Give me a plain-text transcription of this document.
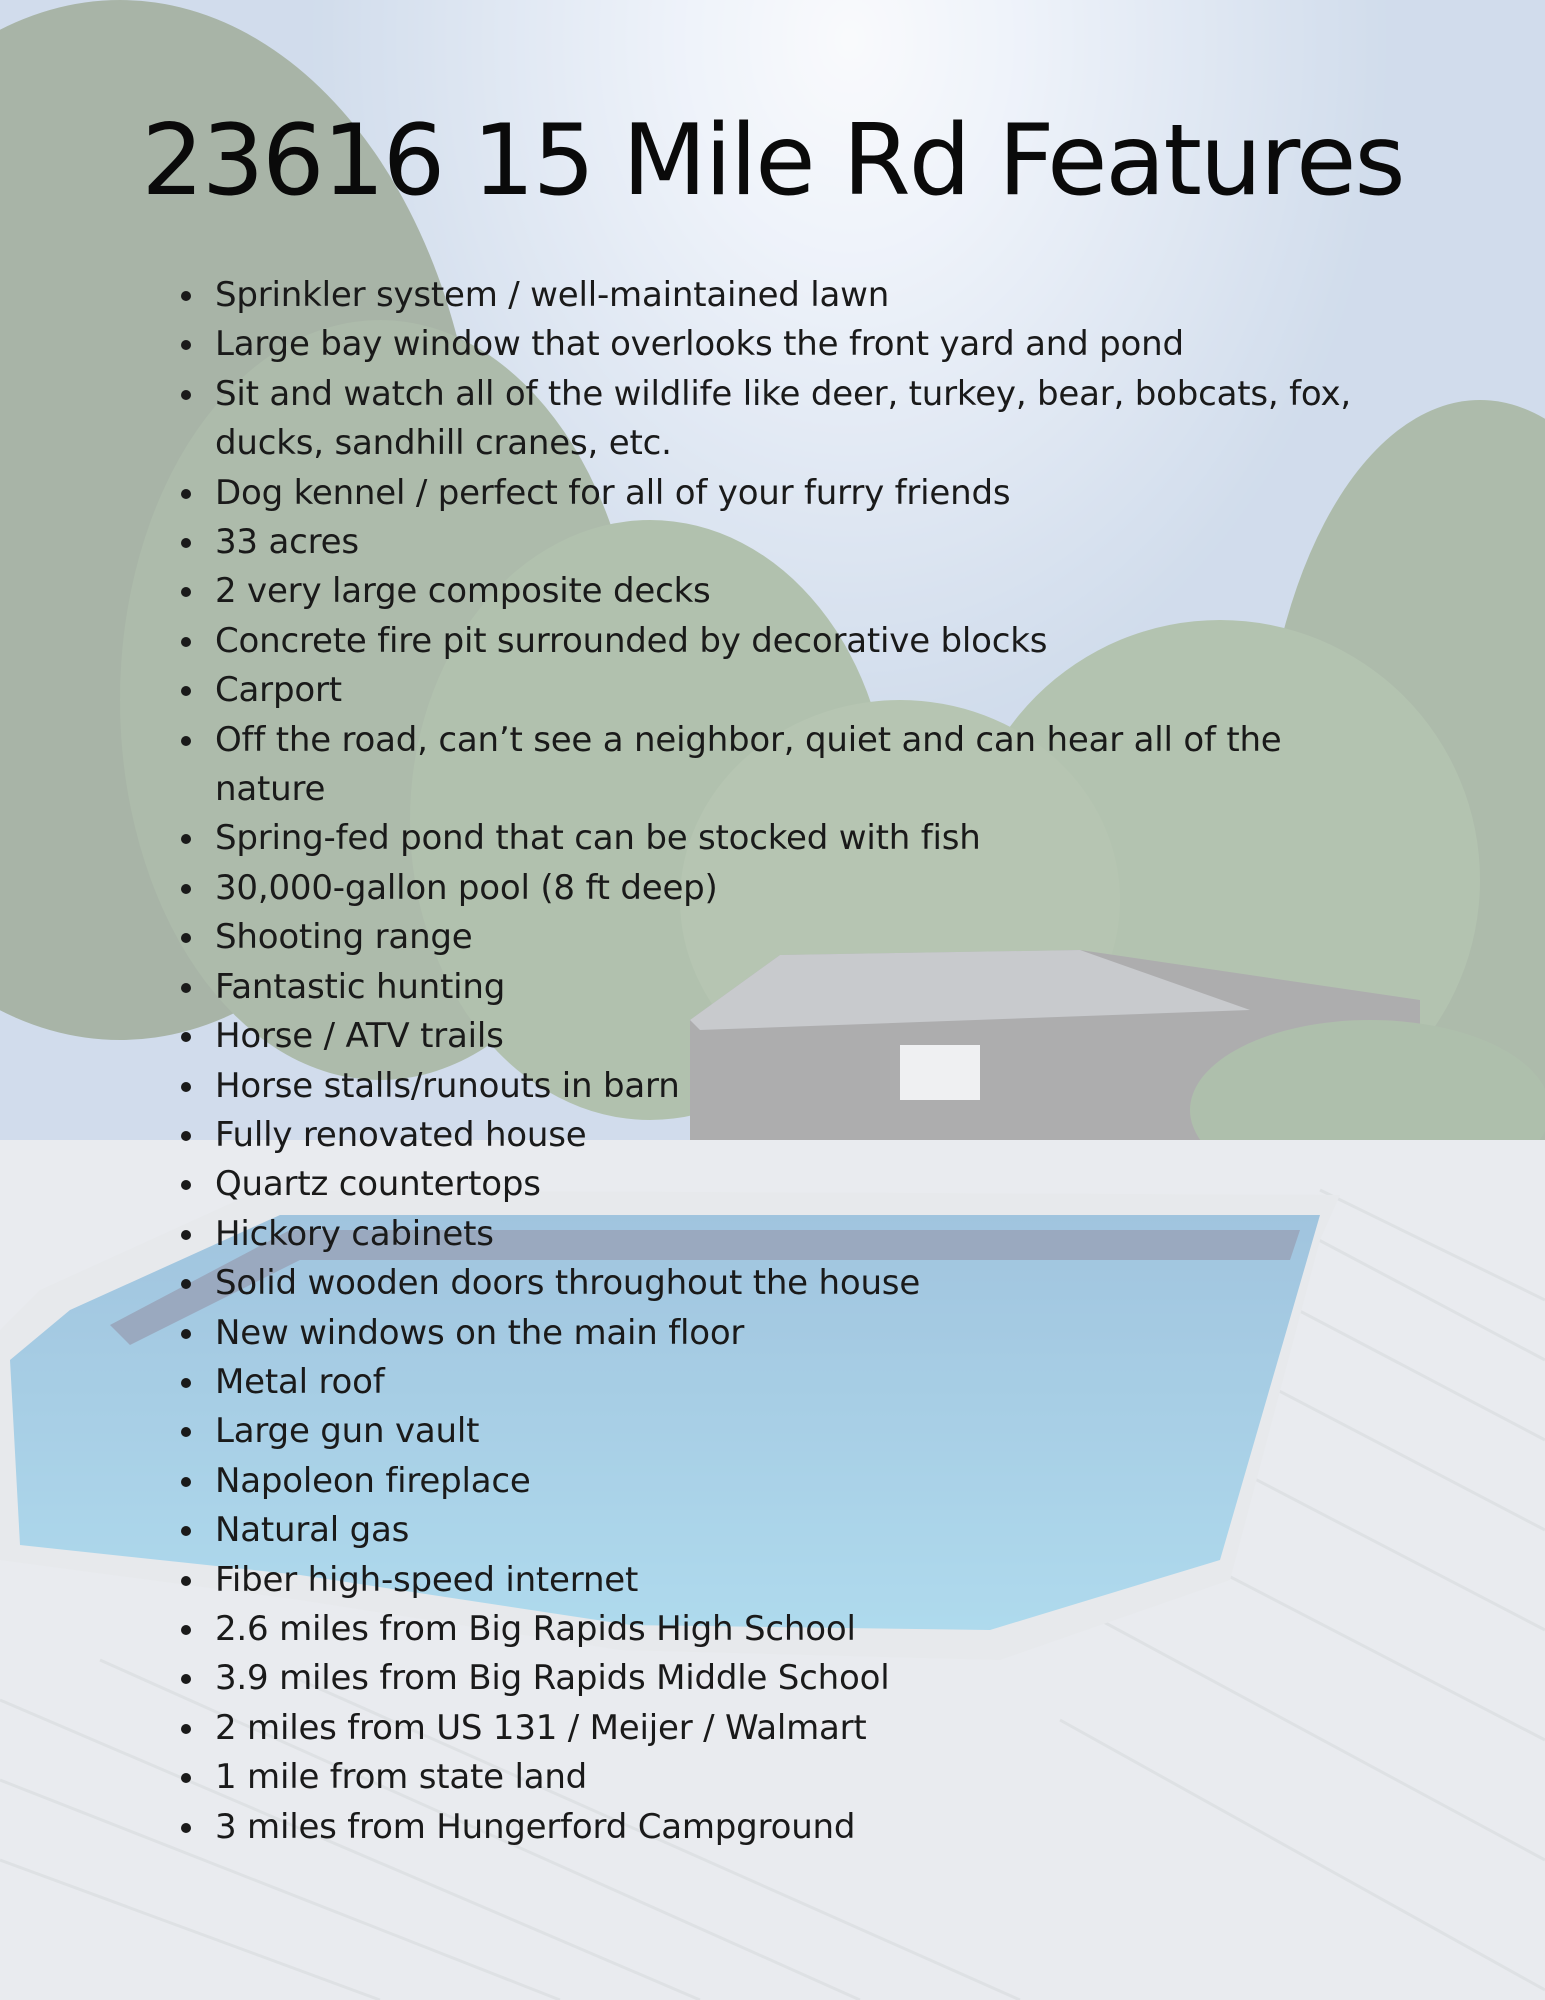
23616 15 Mile Rd Features
Sprinkler system / well-maintained lawn
Large bay window that overlooks the front yard and pond
Sit and watch all of the wildlife like deer, turkey, bear, bobcats, fox, ducks, sandhill cranes, etc.
Dog kennel / perfect for all of your furry friends
33 acres
2 very large composite decks
Concrete fire pit surrounded by decorative blocks
Carport
Off the road, can’t see a neighbor, quiet and can hear all of the nature
Spring-fed pond that can be stocked with fish
30,000-gallon pool (8 ft deep)
Shooting range
Fantastic hunting
Horse / ATV trails
Horse stalls/runouts in barn
Fully renovated house
Quartz countertops
Hickory cabinets
Solid wooden doors throughout the house
New windows on the main floor
Metal roof
Large gun vault
Napoleon fireplace
Natural gas
Fiber high-speed internet
2.6 miles from Big Rapids High School
3.9 miles from Big Rapids Middle School
2 miles from US 131 / Meijer / Walmart
1 mile from state land
3 miles from Hungerford Campground
